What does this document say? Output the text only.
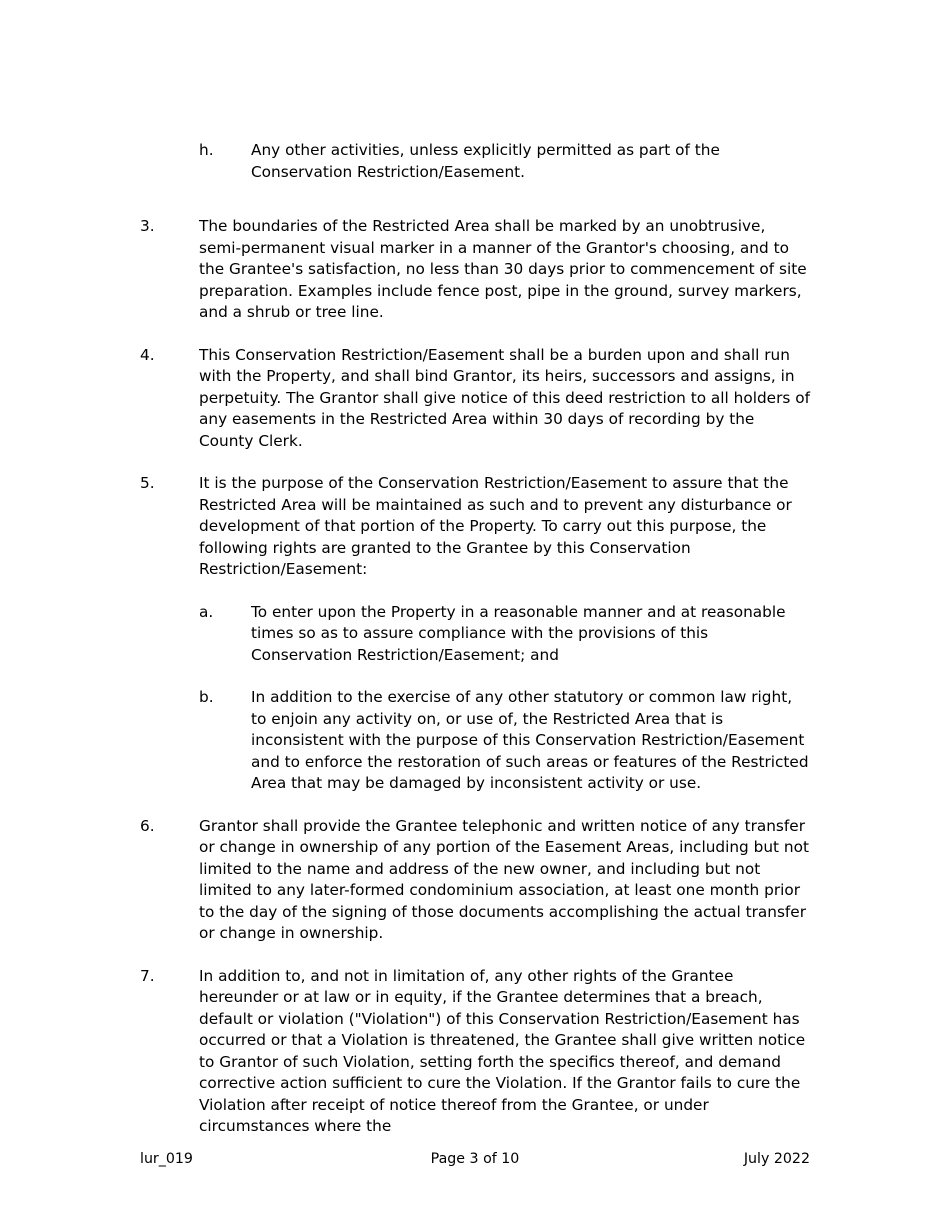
h.	Any other activities, unless explicitly permitted as part of the Conservation Restriction/Easement.
3.	The boundaries of the Restricted Area shall be marked by an unobtrusive, semi-permanent visual marker in a manner of the Grantor's choosing, and to the Grantee's satisfaction, no less than 30 days prior to commencement of site preparation. Examples include fence post, pipe in the ground, survey markers, and a shrub or tree line.
4.	This Conservation Restriction/Easement shall be a burden upon and shall run with the Property, and shall bind Grantor, its heirs, successors and assigns, in perpetuity. The Grantor shall give notice of this deed restriction to all holders of any easements in the Restricted Area within 30 days of recording by the County Clerk.
5.	It is the purpose of the Conservation Restriction/Easement to assure that the Restricted Area will be maintained as such and to prevent any disturbance or development of that portion of the Property. To carry out this purpose, the following rights are granted to the Grantee by this Conservation Restriction/Easement:
a.	To enter upon the Property in a reasonable manner and at reasonable times so as to assure compliance with the provisions of this Conservation Restriction/Easement; and
b.	In addition to the exercise of any other statutory or common law right, to enjoin any activity on, or use of, the Restricted Area that is inconsistent with the purpose of this Conservation Restriction/Easement and to enforce the restoration of such areas or features of the Restricted Area that may be damaged by inconsistent activity or use.
6.	Grantor shall provide the Grantee telephonic and written notice of any transfer or change in ownership of any portion of the Easement Areas, including but not limited to the name and address of the new owner, and including but not limited to any later-formed condominium association, at least one month prior to the day of the signing of those documents accomplishing the actual transfer or change in ownership.
7.	In addition to, and not in limitation of, any other rights of the Grantee hereunder or at law or in equity, if the Grantee determines that a breach, default or violation ("Violation") of this Conservation Restriction/Easement has occurred or that a Violation is threatened, the Grantee shall give written notice to Grantor of such Violation, setting forth the specifics thereof, and demand corrective action sufficient to cure the Violation. If the Grantor fails to cure the Violation after receipt of notice thereof from the Grantee, or under circumstances where the
lur_019	Page 3 of 10	July 2022
